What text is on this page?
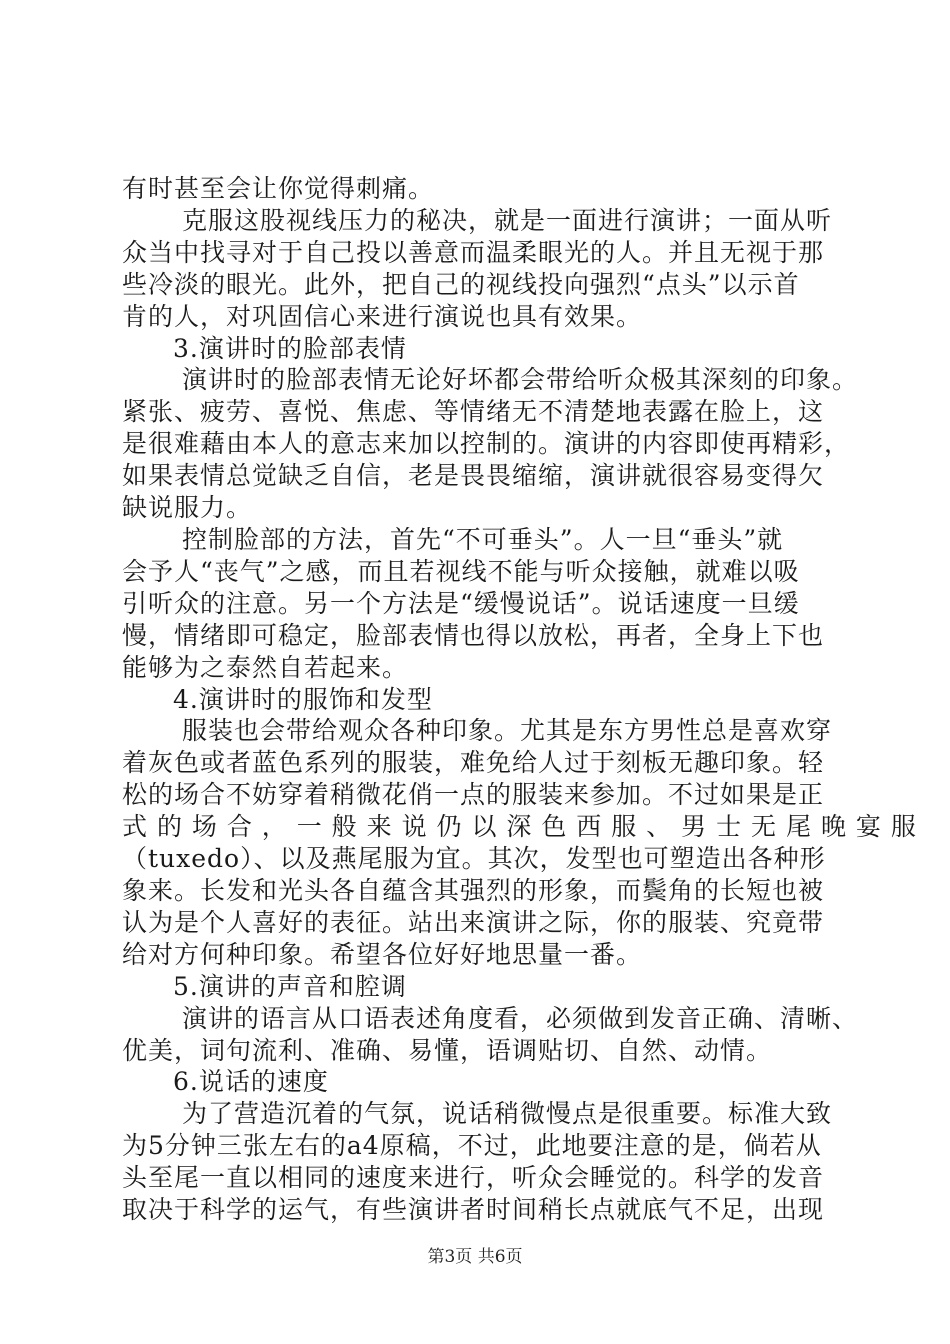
有时甚至会让你觉得刺痛。
克服这股视线压力的秘决，就是一面进行演讲；一面从听
众当中找寻对于自己投以善意而温柔眼光的人。并且无视于那
些冷淡的眼光。此外，把自己的视线投向强烈“点头”以示首
肯的人，对巩固信心来进行演说也具有效果。
3.演讲时的脸部表情
演讲时的脸部表情无论好坏都会带给听众极其深刻的印象。
紧张、疲劳、喜悦、焦虑、等情绪无不清楚地表露在脸上，这
是很难藉由本人的意志来加以控制的。演讲的内容即使再精彩，
如果表情总觉缺乏自信，老是畏畏缩缩，演讲就很容易变得欠
缺说服力。
控制脸部的方法，首先“不可垂头”。人一旦“垂头”就
会予人“丧气”之感，而且若视线不能与听众接触，就难以吸
引听众的注意。另一个方法是“缓慢说话”。说话速度一旦缓
慢，情绪即可稳定，脸部表情也得以放松，再者，全身上下也
能够为之泰然自若起来。
4.演讲时的服饰和发型
服装也会带给观众各种印象。尤其是东方男性总是喜欢穿
着灰色或者蓝色系列的服装，难免给人过于刻板无趣印象。轻
松的场合不妨穿着稍微花俏一点的服装来参加。不过如果是正
式 的 场 合 ， 一 般 来 说 仍 以 深 色 西 服 、 男 士 无 尾 晚 宴 服
（tuxedo）、以及燕尾服为宜。其次，发型也可塑造出各种形
象来。长发和光头各自蕴含其强烈的形象，而鬓角的长短也被
认为是个人喜好的表征。站出来演讲之际，你的服装、究竟带
给对方何种印象。希望各位好好地思量一番。
5.演讲的声音和腔调
演讲的语言从口语表述角度看，必须做到发音正确、清晰、
优美，词句流利、准确、易懂，语调贴切、自然、动情。
6.说话的速度
为了营造沉着的气氛，说话稍微慢点是很重要。标准大致
为5分钟三张左右的a4原稿，不过，此地要注意的是，倘若从
头至尾一直以相同的速度来进行，听众会睡觉的。科学的发音
取决于科学的运气，有些演讲者时间稍长点就底气不足，出现
第3页 共6页
